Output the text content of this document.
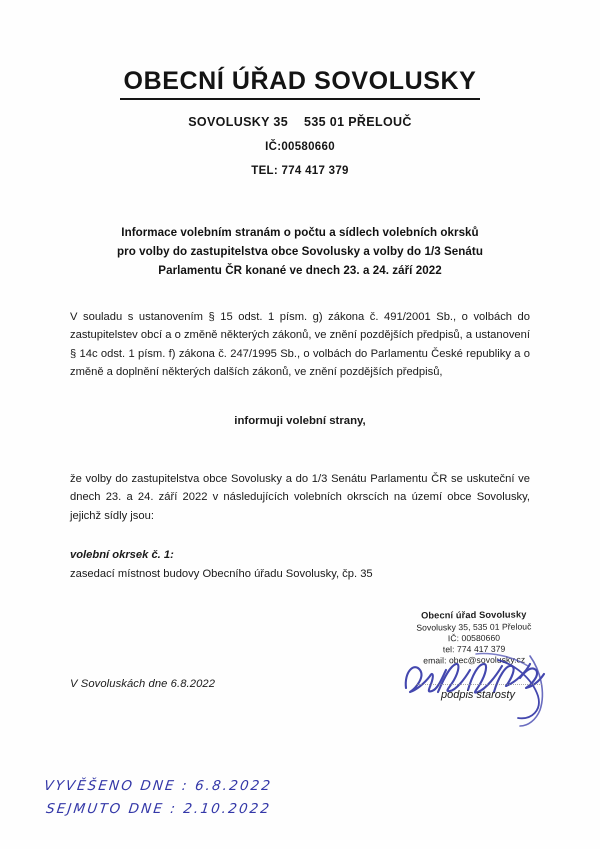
OBECNÍ ÚŘAD SOVOLUSKY
SOVOLUSKY 35 535 01 PŘELOUČ
IČ:00580660
TEL: 774 417 379
Informace volebním stranám o počtu a sídlech volebních okrsků
pro volby do zastupitelstva obce Sovolusky a volby do 1/3 Senátu
Parlamentu ČR konané ve dnech 23. a 24. září 2022
V souladu s ustanovením § 15 odst. 1 písm. g) zákona č. 491/2001 Sb., o volbách do zastupitelstev obcí a o změně některých zákonů, ve znění pozdějších předpisů, a ustanovení § 14c odst. 1 písm. f) zákona č. 247/1995 Sb., o volbách do Parlamentu České republiky a o změně a doplnění některých dalších zákonů, ve znění pozdějších předpisů,
informuji volební strany,
že volby do zastupitelstva obce Sovolusky a do 1/3 Senátu Parlamentu ČR se uskuteční ve dnech 23. a 24. září 2022 v následujících volebních okrscích na území obce Sovolusky, jejichž sídly jsou:
volební okrsek č. 1:
zasedací místnost budovy Obecního úřadu Sovolusky, čp. 35
Obecní úřad Sovolusky
Sovolusky 35, 535 01 Přelouč
IČ: 00580660
tel: 774 417 379
email: obec@sovolusky.cz
podpis starosty
V Sovoluskách dne 6.8.2022
VYVĚŠENO DNE : 6.8.2022
SEJMUTO DNE : 2.10.2022
